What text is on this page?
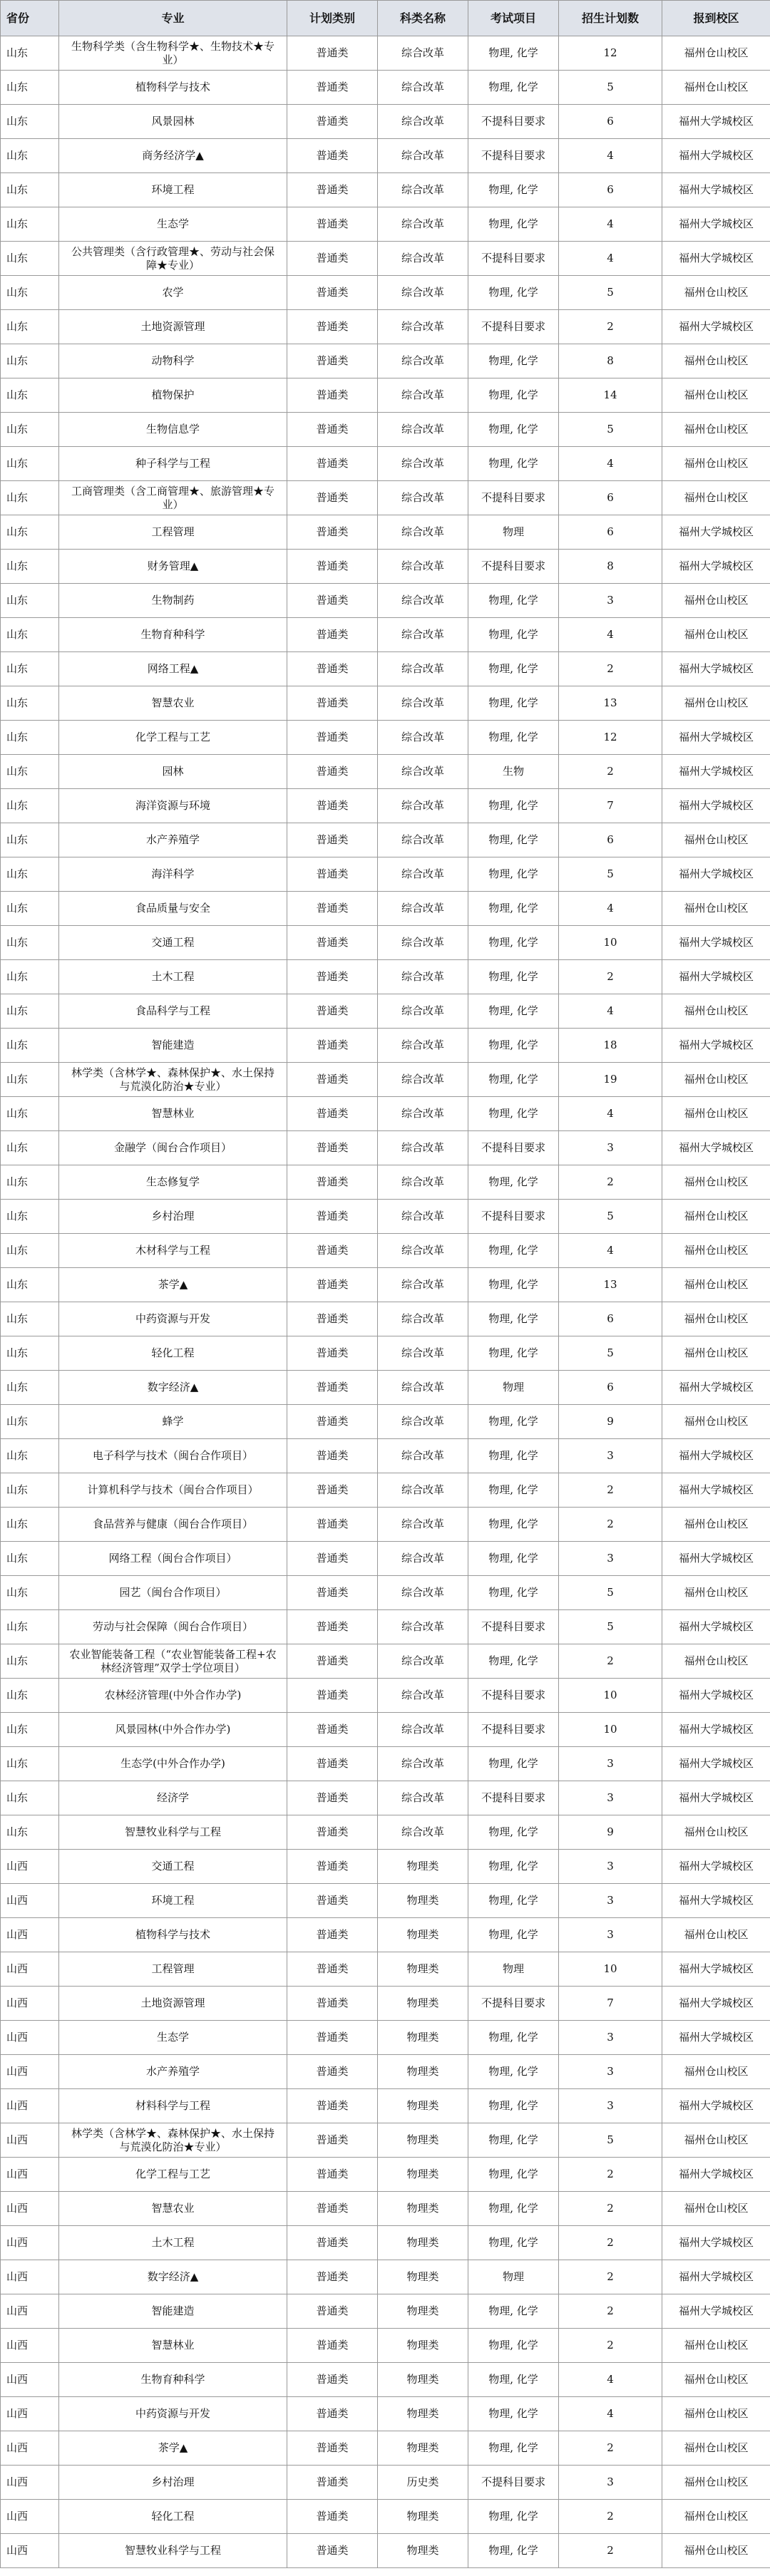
省份	专业	计划类别	科类名称	考试项目	招生计划数	报到校区
山东	生物科学类（含生物科学★、生物技术★专业）	普通类	综合改革	物理, 化学	12	福州仓山校区
山东	植物科学与技术	普通类	综合改革	物理, 化学	5	福州仓山校区
山东	风景园林	普通类	综合改革	不提科目要求	6	福州大学城校区
山东	商务经济学▲	普通类	综合改革	不提科目要求	4	福州大学城校区
山东	环境工程	普通类	综合改革	物理, 化学	6	福州大学城校区
山东	生态学	普通类	综合改革	物理, 化学	4	福州大学城校区
山东	公共管理类（含行政管理★、劳动与社会保障★专业）	普通类	综合改革	不提科目要求	4	福州大学城校区
山东	农学	普通类	综合改革	物理, 化学	5	福州仓山校区
山东	土地资源管理	普通类	综合改革	不提科目要求	2	福州大学城校区
山东	动物科学	普通类	综合改革	物理, 化学	8	福州仓山校区
山东	植物保护	普通类	综合改革	物理, 化学	14	福州仓山校区
山东	生物信息学	普通类	综合改革	物理, 化学	5	福州仓山校区
山东	种子科学与工程	普通类	综合改革	物理, 化学	4	福州仓山校区
山东	工商管理类（含工商管理★、旅游管理★专业）	普通类	综合改革	不提科目要求	6	福州仓山校区
山东	工程管理	普通类	综合改革	物理	6	福州大学城校区
山东	财务管理▲	普通类	综合改革	不提科目要求	8	福州大学城校区
山东	生物制药	普通类	综合改革	物理, 化学	3	福州仓山校区
山东	生物育种科学	普通类	综合改革	物理, 化学	4	福州仓山校区
山东	网络工程▲	普通类	综合改革	物理, 化学	2	福州大学城校区
山东	智慧农业	普通类	综合改革	物理, 化学	13	福州仓山校区
山东	化学工程与工艺	普通类	综合改革	物理, 化学	12	福州大学城校区
山东	园林	普通类	综合改革	生物	2	福州大学城校区
山东	海洋资源与环境	普通类	综合改革	物理, 化学	7	福州大学城校区
山东	水产养殖学	普通类	综合改革	物理, 化学	6	福州仓山校区
山东	海洋科学	普通类	综合改革	物理, 化学	5	福州大学城校区
山东	食品质量与安全	普通类	综合改革	物理, 化学	4	福州仓山校区
山东	交通工程	普通类	综合改革	物理, 化学	10	福州大学城校区
山东	土木工程	普通类	综合改革	物理, 化学	2	福州大学城校区
山东	食品科学与工程	普通类	综合改革	物理, 化学	4	福州仓山校区
山东	智能建造	普通类	综合改革	物理, 化学	18	福州大学城校区
山东	林学类（含林学★、森林保护★、水土保持与荒漠化防治★专业）	普通类	综合改革	物理, 化学	19	福州仓山校区
山东	智慧林业	普通类	综合改革	物理, 化学	4	福州仓山校区
山东	金融学（闽台合作项目）	普通类	综合改革	不提科目要求	3	福州大学城校区
山东	生态修复学	普通类	综合改革	物理, 化学	2	福州仓山校区
山东	乡村治理	普通类	综合改革	不提科目要求	5	福州仓山校区
山东	木材科学与工程	普通类	综合改革	物理, 化学	4	福州仓山校区
山东	茶学▲	普通类	综合改革	物理, 化学	13	福州仓山校区
山东	中药资源与开发	普通类	综合改革	物理, 化学	6	福州仓山校区
山东	轻化工程	普通类	综合改革	物理, 化学	5	福州仓山校区
山东	数字经济▲	普通类	综合改革	物理	6	福州大学城校区
山东	蜂学	普通类	综合改革	物理, 化学	9	福州仓山校区
山东	电子科学与技术（闽台合作项目）	普通类	综合改革	物理, 化学	3	福州大学城校区
山东	计算机科学与技术（闽台合作项目）	普通类	综合改革	物理, 化学	2	福州大学城校区
山东	食品营养与健康（闽台合作项目）	普通类	综合改革	物理, 化学	2	福州仓山校区
山东	网络工程（闽台合作项目）	普通类	综合改革	物理, 化学	3	福州大学城校区
山东	园艺（闽台合作项目）	普通类	综合改革	物理, 化学	5	福州仓山校区
山东	劳动与社会保障（闽台合作项目）	普通类	综合改革	不提科目要求	5	福州大学城校区
山东	农业智能装备工程（“农业智能装备工程+农林经济管理”双学士学位项目）	普通类	综合改革	物理, 化学	2	福州仓山校区
山东	农林经济管理(中外合作办学)	普通类	综合改革	不提科目要求	10	福州大学城校区
山东	风景园林(中外合作办学)	普通类	综合改革	不提科目要求	10	福州大学城校区
山东	生态学(中外合作办学)	普通类	综合改革	物理, 化学	3	福州大学城校区
山东	经济学	普通类	综合改革	不提科目要求	3	福州大学城校区
山东	智慧牧业科学与工程	普通类	综合改革	物理, 化学	9	福州仓山校区
山西	交通工程	普通类	物理类	物理, 化学	3	福州大学城校区
山西	环境工程	普通类	物理类	物理, 化学	3	福州大学城校区
山西	植物科学与技术	普通类	物理类	物理, 化学	3	福州仓山校区
山西	工程管理	普通类	物理类	物理	10	福州大学城校区
山西	土地资源管理	普通类	物理类	不提科目要求	7	福州大学城校区
山西	生态学	普通类	物理类	物理, 化学	3	福州大学城校区
山西	水产养殖学	普通类	物理类	物理, 化学	3	福州仓山校区
山西	材料科学与工程	普通类	物理类	物理, 化学	3	福州大学城校区
山西	林学类（含林学★、森林保护★、水土保持与荒漠化防治★专业）	普通类	物理类	物理, 化学	5	福州仓山校区
山西	化学工程与工艺	普通类	物理类	物理, 化学	2	福州大学城校区
山西	智慧农业	普通类	物理类	物理, 化学	2	福州仓山校区
山西	土木工程	普通类	物理类	物理, 化学	2	福州大学城校区
山西	数字经济▲	普通类	物理类	物理	2	福州大学城校区
山西	智能建造	普通类	物理类	物理, 化学	2	福州大学城校区
山西	智慧林业	普通类	物理类	物理, 化学	2	福州仓山校区
山西	生物育种科学	普通类	物理类	物理, 化学	4	福州仓山校区
山西	中药资源与开发	普通类	物理类	物理, 化学	4	福州仓山校区
山西	茶学▲	普通类	物理类	物理, 化学	2	福州仓山校区
山西	乡村治理	普通类	历史类	不提科目要求	3	福州仓山校区
山西	轻化工程	普通类	物理类	物理, 化学	2	福州仓山校区
山西	智慧牧业科学与工程	普通类	物理类	物理, 化学	2	福州仓山校区
